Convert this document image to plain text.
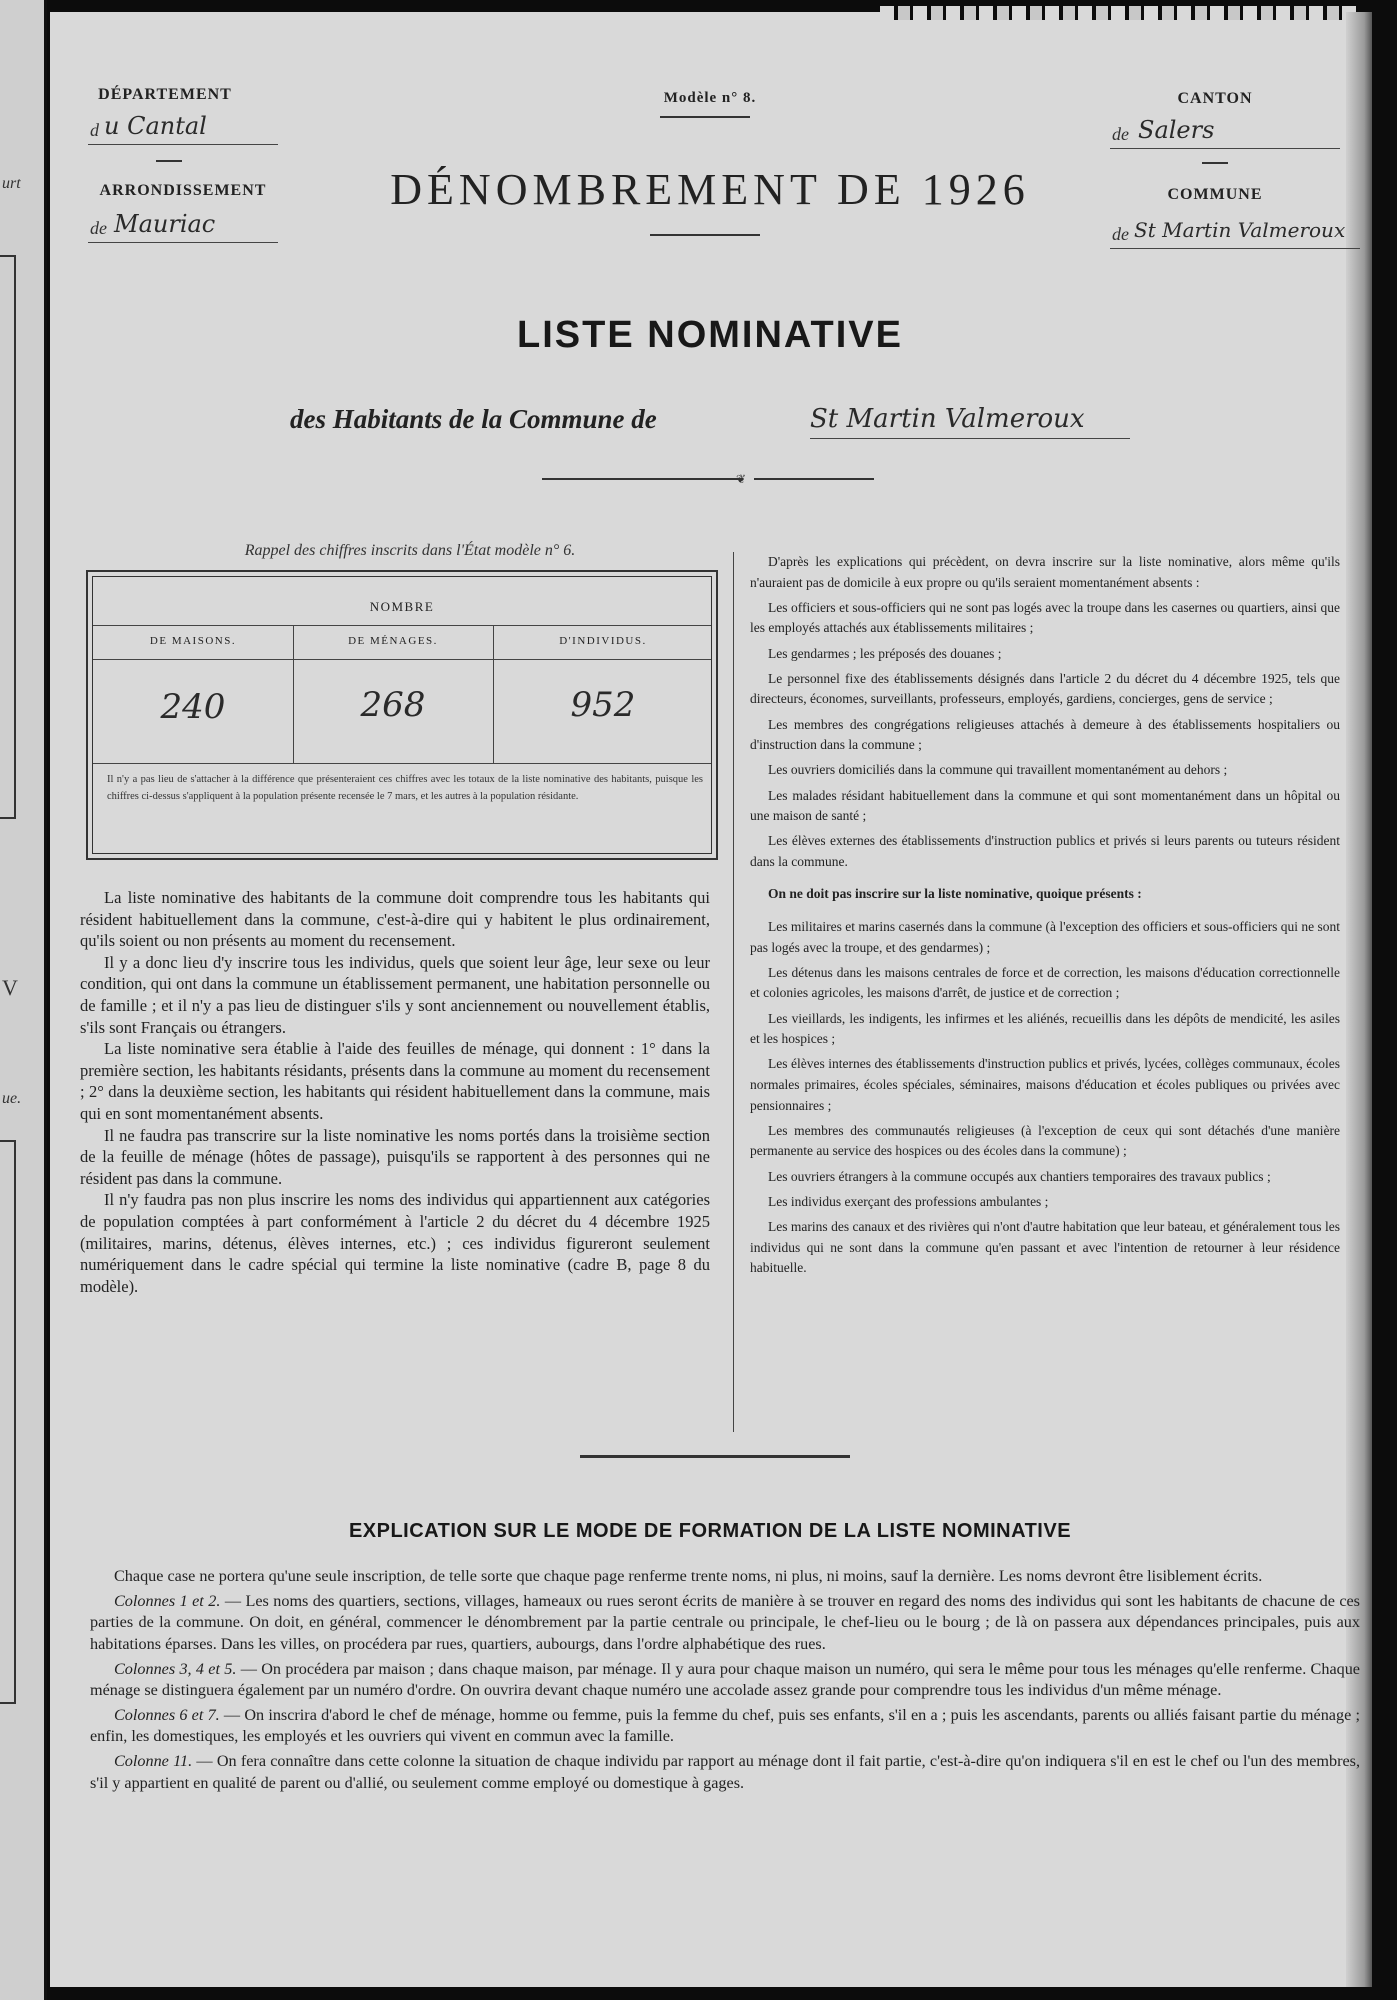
urt
V
ue.
DÉPARTEMENT
d u Cantal
ARRONDISSEMENT
de Mauriac
Modèle n° 8.
DÉNOMBREMENT DE 1926
CANTON
de Salers
COMMUNE
de St Martin Valmeroux
LISTE NOMINATIVE
des Habitants de la Commune de	St Martin Valmeroux
❦
Rappel des chiffres inscrits dans l'État modèle n° 6.
NOMBRE
DE MAISONS.	DE MÉNAGES.	D'INDIVIDUS.
240	268	952
Il n'y a pas lieu de s'attacher à la différence que présenteraient ces chiffres avec les totaux de la liste nominative des habitants, puisque les chiffres ci-dessus s'appliquent à la population présente recensée le 7 mars, et les autres à la population résidante.

La liste nominative des habitants de la commune doit comprendre tous les habitants qui résident habituellement dans la commune, c'est-à-dire qui y habitent le plus ordinairement, qu'ils soient ou non présents au moment du recensement.

Il y a donc lieu d'y inscrire tous les individus, quels que soient leur âge, leur sexe ou leur condition, qui ont dans la commune un établissement permanent, une habitation personnelle ou de famille ; et il n'y a pas lieu de distinguer s'ils y sont anciennement ou nouvellement établis, s'ils sont Français ou étrangers.

La liste nominative sera établie à l'aide des feuilles de ménage, qui donnent : 1° dans la première section, les habitants résidants, présents dans la commune au moment du recensement ; 2° dans la deuxième section, les habitants qui résident habituellement dans la commune, mais qui en sont momentanément absents.

Il ne faudra pas transcrire sur la liste nominative les noms portés dans la troisième section de la feuille de ménage (hôtes de passage), puisqu'ils se rapportent à des personnes qui ne résident pas dans la commune.

Il n'y faudra pas non plus inscrire les noms des individus qui appartiennent aux catégories de population comptées à part conformément à l'article 2 du décret du 4 décembre 1925 (militaires, marins, détenus, élèves internes, etc.) ; ces individus figureront seulement numériquement dans le cadre spécial qui termine la liste nominative (cadre B, page 8 du modèle).

D'après les explications qui précèdent, on devra inscrire sur la liste nominative, alors même qu'ils n'auraient pas de domicile à eux propre ou qu'ils seraient momentanément absents :

Les officiers et sous-officiers qui ne sont pas logés avec la troupe dans les casernes ou quartiers, ainsi que les employés attachés aux établissements militaires ;

Les gendarmes ; les préposés des douanes ;

Le personnel fixe des établissements désignés dans l'article 2 du décret du 4 décembre 1925, tels que directeurs, économes, surveillants, professeurs, employés, gardiens, concierges, gens de service ;

Les membres des congrégations religieuses attachés à demeure à des établissements hospitaliers ou d'instruction dans la commune ;

Les ouvriers domiciliés dans la commune qui travaillent momentanément au dehors ;

Les malades résidant habituellement dans la commune et qui sont momentanément dans un hôpital ou une maison de santé ;

Les élèves externes des établissements d'instruction publics et privés si leurs parents ou tuteurs résident dans la commune.

On ne doit pas inscrire sur la liste nominative, quoique présents :

Les militaires et marins casernés dans la commune (à l'exception des officiers et sous-officiers qui ne sont pas logés avec la troupe, et des gendarmes) ;

Les détenus dans les maisons centrales de force et de correction, les maisons d'éducation correctionnelle et colonies agricoles, les maisons d'arrêt, de justice et de correction ;

Les vieillards, les indigents, les infirmes et les aliénés, recueillis dans les dépôts de mendicité, les asiles et les hospices ;

Les élèves internes des établissements d'instruction publics et privés, lycées, collèges communaux, écoles normales primaires, écoles spéciales, séminaires, maisons d'éducation et écoles publiques ou privées avec pensionnaires ;

Les membres des communautés religieuses (à l'exception de ceux qui sont détachés d'une manière permanente au service des hospices ou des écoles dans la commune) ;

Les ouvriers étrangers à la commune occupés aux chantiers temporaires des travaux publics ;

Les individus exerçant des professions ambulantes ;

Les marins des canaux et des rivières qui n'ont d'autre habitation que leur bateau, et généralement tous les individus qui ne sont dans la commune qu'en passant et avec l'intention de retourner à leur résidence habituelle.

EXPLICATION SUR LE MODE DE FORMATION DE LA LISTE NOMINATIVE

Chaque case ne portera qu'une seule inscription, de telle sorte que chaque page renferme trente noms, ni plus, ni moins, sauf la dernière. Les noms devront être lisiblement écrits.

Colonnes 1 et 2. — Les noms des quartiers, sections, villages, hameaux ou rues seront écrits de manière à se trouver en regard des noms des individus qui sont les habitants de chacune de ces parties de la commune. On doit, en général, commencer le dénombrement par la partie centrale ou principale, le chef-lieu ou le bourg ; de là on passera aux dépendances principales, puis aux habitations éparses. Dans les villes, on procédera par rues, quartiers, aubourgs, dans l'ordre alphabétique des rues.

Colonnes 3, 4 et 5. — On procédera par maison ; dans chaque maison, par ménage. Il y aura pour chaque maison un numéro, qui sera le même pour tous les ménages qu'elle renferme. Chaque ménage se distinguera également par un numéro d'ordre. On ouvrira devant chaque numéro une accolade assez grande pour comprendre tous les individus d'un même ménage.

Colonnes 6 et 7. — On inscrira d'abord le chef de ménage, homme ou femme, puis la femme du chef, puis ses enfants, s'il en a ; puis les ascendants, parents ou alliés faisant partie du ménage ; enfin, les domestiques, les employés et les ouvriers qui vivent en commun avec la famille.

Colonne 11. — On fera connaître dans cette colonne la situation de chaque individu par rapport au ménage dont il fait partie, c'est-à-dire qu'on indiquera s'il en est le chef ou l'un des membres, s'il y appartient en qualité de parent ou d'allié, ou seulement comme employé ou domestique à gages.
